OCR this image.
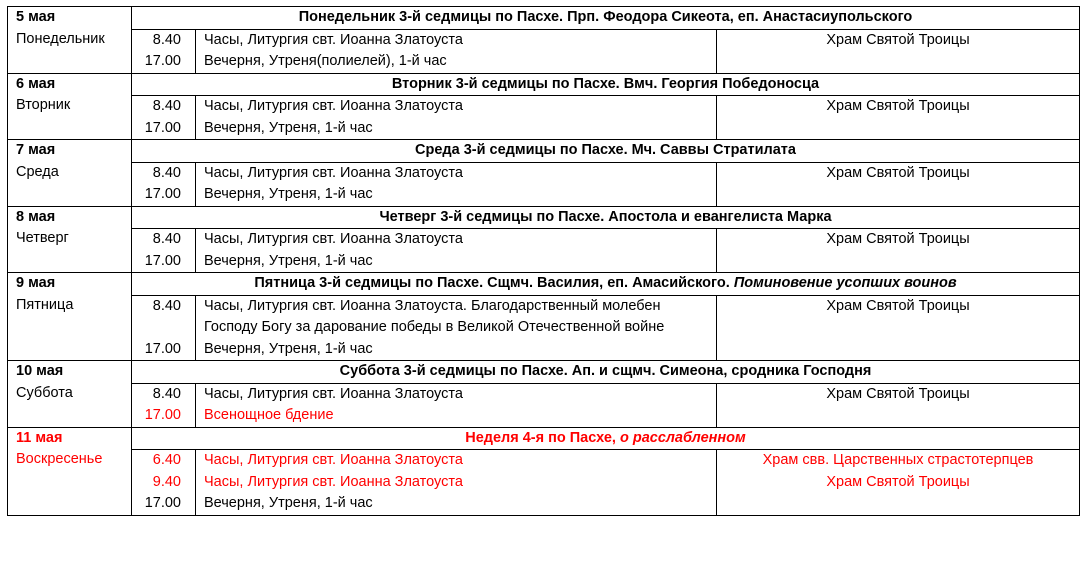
5 мая
Понедельник	Понедельник 3-й седмицы по Пасхе. Прп. Феодора Сикеота, еп. Анастасиупольского		
	8.40	Часы, Литургия свт. Иоанна Златоуста	Храм Святой Троицы
	17.00	Вечерня, Утреня(полиелей), 1-й час	

6 мая
Вторник	Вторник 3-й седмицы по Пасхе. Вмч. Георгия Победоносца		
	8.40	Часы, Литургия свт. Иоанна Златоуста	Храм Святой Троицы
	17.00	Вечерня, Утреня, 1-й час	

7 мая
Среда	Среда 3-й седмицы по Пасхе. Мч. Саввы Стратилата		
	8.40	Часы, Литургия свт. Иоанна Златоуста	Храм Святой Троицы
	17.00	Вечерня, Утреня, 1-й час	

8 мая
Четверг	Четверг 3-й седмицы по Пасхе. Апостола и евангелиста Марка		
	8.40	Часы, Литургия свт. Иоанна Златоуста	Храм Святой Троицы
	17.00	Вечерня, Утреня, 1-й час	

9 мая
Пятница	Пятница 3-й седмицы по Пасхе. Сщмч. Василия, еп. Амасийского. Поминовение усопших воинов		
	8.40	Часы, Литургия свт. Иоанна Златоуста. Благодарственный молебен Господу Богу за дарование победы в Великой Отечественной войне	Храм Святой Троицы
	17.00	Вечерня, Утреня, 1-й час	

10 мая
Суббота	Суббота 3-й седмицы по Пасхе. Ап. и сщмч. Симеона, сродника Господня		
	8.40	Часы, Литургия свт. Иоанна Златоуста	Храм Святой Троицы
	17.00	Всенощное бдение	

11 мая
Воскресенье	Неделя 4-я по Пасхе, о расслабленном		
	6.40	Часы, Литургия свт. Иоанна Златоуста	Храм свв. Царственных страстотерпцев
	9.40	Часы, Литургия свт. Иоанна Златоуста	Храм Святой Троицы
	17.00	Вечерня, Утреня, 1-й час	
